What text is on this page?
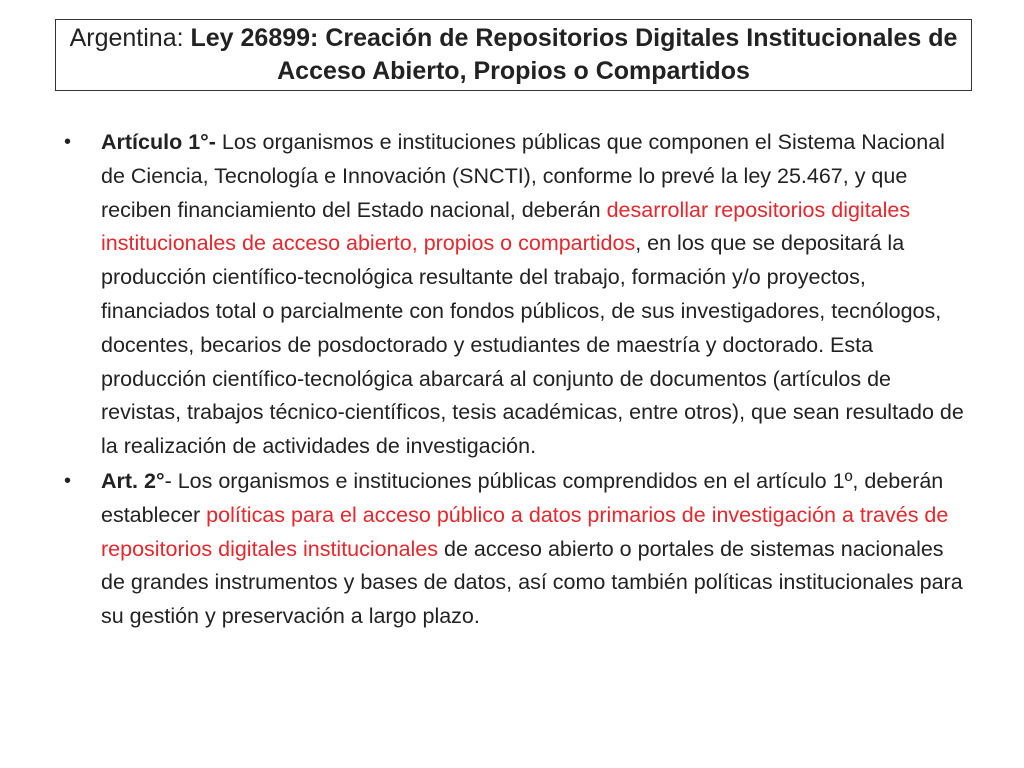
Argentina: Ley 26899: Creación de Repositorios Digitales Institucionales de Acceso Abierto, Propios o Compartidos
•	Artículo 1°- Los organismos e instituciones públicas que componen el Sistema Nacional de Ciencia, Tecnología e Innovación (SNCTI), conforme lo prevé la ley 25.467, y que reciben financiamiento del Estado nacional, deberán desarrollar repositorios digitales institucionales de acceso abierto, propios o compartidos, en los que se depositará la producción científico-tecnológica resultante del trabajo, formación y/o proyectos, financiados total o parcialmente con fondos públicos, de sus investigadores, tecnólogos, docentes, becarios de posdoctorado y estudiantes de maestría y doctorado. Esta producción científico-tecnológica abarcará al conjunto de documentos (artículos de revistas, trabajos técnico-científicos, tesis académicas, entre otros), que sean resultado de la realización de actividades de investigación.
•	Art. 2°- Los organismos e instituciones públicas comprendidos en el artículo 1º, deberán establecer políticas para el acceso público a datos primarios de investigación a través de repositorios digitales institucionales de acceso abierto o portales de sistemas nacionales de grandes instrumentos y bases de datos, así como también políticas institucionales para su gestión y preservación a largo plazo.
